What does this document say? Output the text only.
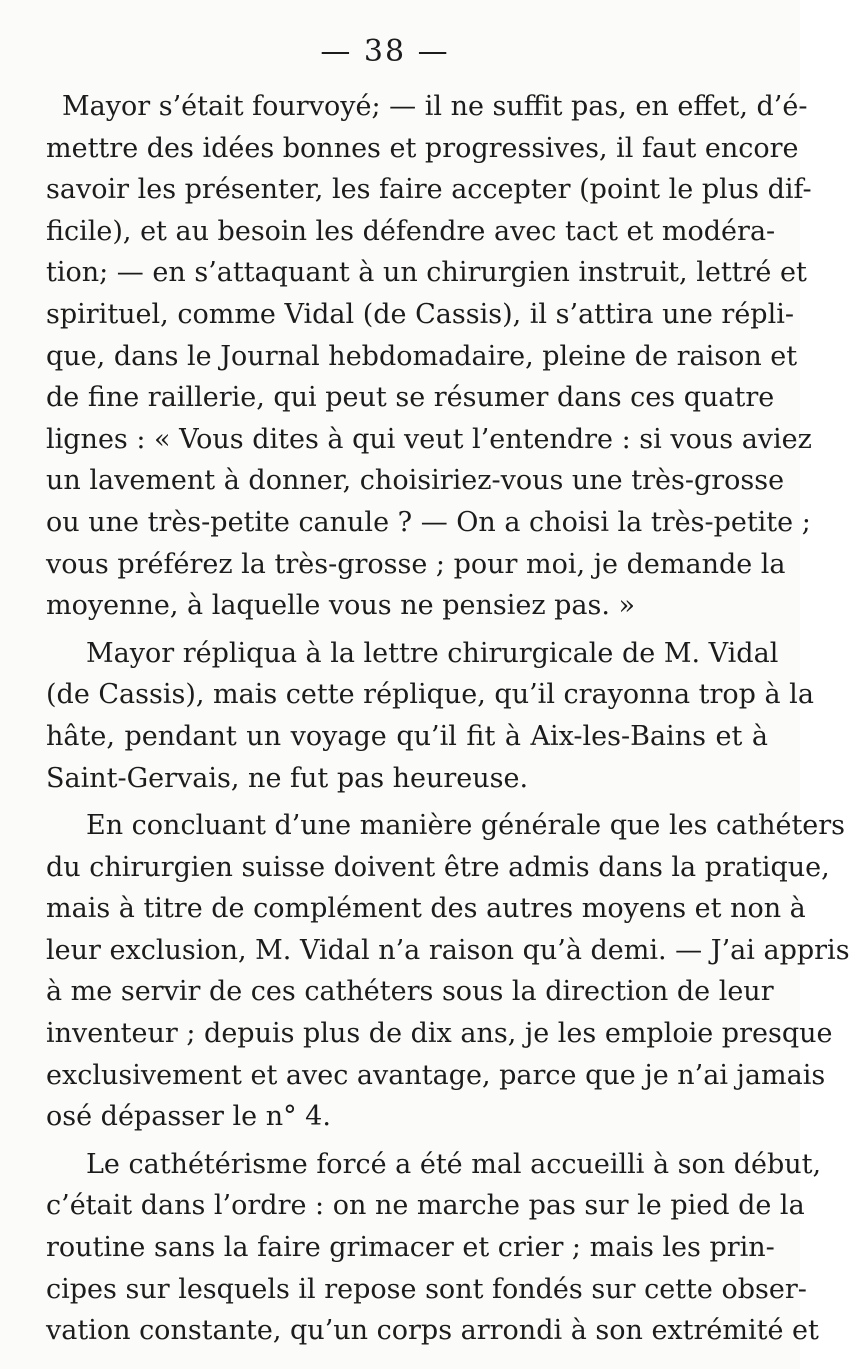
— 38 —
Mayor s’était fourvoyé; — il ne suffit pas, en effet, d’é-
mettre des idées bonnes et progressives, il faut encore
savoir les présenter, les faire accepter (point le plus dif-
ficile), et au besoin les défendre avec tact et modéra-
tion; — en s’attaquant à un chirurgien instruit, lettré et
spirituel, comme Vidal (de Cassis), il s’attira une répli-
que, dans le Journal hebdomadaire, pleine de raison et
de fine raillerie, qui peut se résumer dans ces quatre
lignes : « Vous dites à qui veut l’entendre : si vous aviez
un lavement à donner, choisiriez-vous une très-grosse
ou une très-petite canule ? — On a choisi la très-petite ;
vous préférez la très-grosse ; pour moi, je demande la
moyenne, à laquelle vous ne pensiez pas. »
Mayor répliqua à la lettre chirurgicale de M. Vidal
(de Cassis), mais cette réplique, qu’il crayonna trop à la
hâte, pendant un voyage qu’il fit à Aix-les-Bains et à
Saint-Gervais, ne fut pas heureuse.
En concluant d’une manière générale que les cathéters
du chirurgien suisse doivent être admis dans la pratique,
mais à titre de complément des autres moyens et non à
leur exclusion, M. Vidal n’a raison qu’à demi. — J’ai appris
à me servir de ces cathéters sous la direction de leur
inventeur ; depuis plus de dix ans, je les emploie presque
exclusivement et avec avantage, parce que je n’ai jamais
osé dépasser le n° 4.
Le cathétérisme forcé a été mal accueilli à son début,
c’était dans l’ordre : on ne marche pas sur le pied de la
routine sans la faire grimacer et crier ; mais les prin-
cipes sur lesquels il repose sont fondés sur cette obser-
vation constante, qu’un corps arrondi à son extrémité et
